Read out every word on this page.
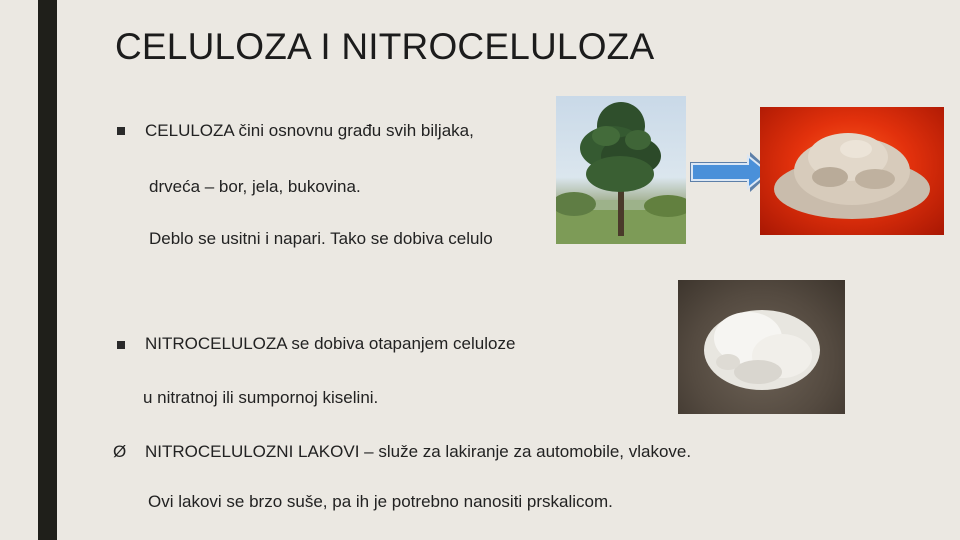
CELULOZA I NITROCELULOZA
CELULOZA čini osnovnu građu svih biljaka,
drveća – bor, jela, bukovina.
Deblo se usitni i napari. Tako se dobiva celulo
NITROCELULOZA se dobiva otapanjem celuloze
u nitratnoj ili sumpornoj kiselini.
Ø NITROCELULOZNI LAKOVI – služe za lakiranje za automobile, vlakove.
Ovi lakovi se brzo suše, pa ih je potrebno nanositi prskalicom.
